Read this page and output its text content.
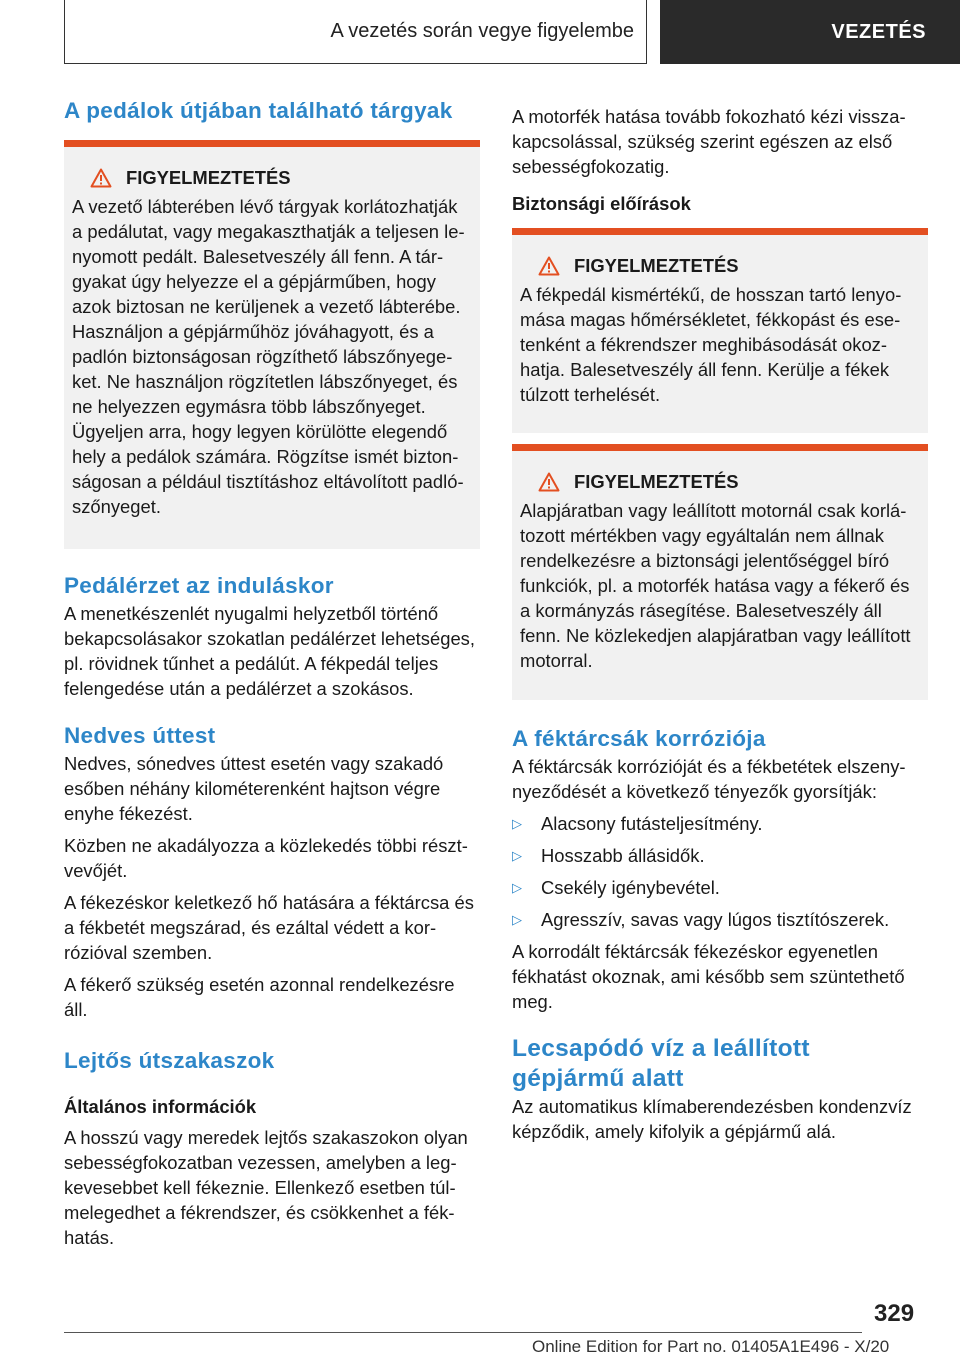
A vezetés során vegye figyelembe	VEZETÉS
A pedálok útjában található tárgyak
FIGYELMEZTETÉS

A vezető lábterében lévő tárgyak korlátozhatják a pedálutat, vagy megakaszthatják a teljesen lenyomott pedált. Balesetveszély áll fenn. A tárgyakat úgy helyezze el a gépjárműben, hogy azok biztosan ne kerüljenek a vezető lábterébe. Használjon a gépjárműhöz jóváhagyott, és a padlón biztonságosan rögzíthető lábszőnyegeket. Ne használjon rögzítetlen lábszőnyeget, és ne helyezzen egymásra több lábszőnyeget. Ügyeljen arra, hogy legyen körülötte elegendő hely a pedálok számára. Rögzítse ismét biztonságosan a például tisztításhoz eltávolított padlószőnyeget.

Pedálérzet az induláskor

A menetkészenlét nyugalmi helyzetből történő bekapcsolásakor szokatlan pedálérzet lehetséges, pl. rövidnek tűnhet a pedálút. A fékpedál teljes felengedése után a pedálérzet a szokásos.

Nedves úttest

Nedves, sónedves úttest esetén vagy szakadó esőben néhány kilométerenként hajtson végre enyhe fékezést.

Közben ne akadályozza a közlekedés többi résztvevőjét.

A fékezéskor keletkező hő hatására a féktárcsa és a fékbetét megszárad, és ezáltal védett a korrózióval szemben.

A fékerő szükség esetén azonnal rendelkezésre áll.

Lejtős útszakaszok
Általános információk

A hosszú vagy meredek lejtős szakaszokon olyan sebességfokozatban vezessen, amelyben a legkevesebbet kell fékeznie. Ellenkező esetben túlmelegedhet a fékrendszer, és csökkenhet a fékhatás.

A motorfék hatása tovább fokozható kézi visszakapcsolással, szükség szerint egészen az első sebességfokozatig.

Biztonsági előírások
FIGYELMEZTETÉS

A fékpedál kismértékű, de hosszan tartó lenyomása magas hőmérsékletet, fékkopást és esetenként a fékrendszer meghibásodását okozhatja. Balesetveszély áll fenn. Kerülje a fékek túlzott terhelését.

FIGYELMEZTETÉS

Alapjáratban vagy leállított motornál csak korlátozott mértékben vagy egyáltalán nem állnak rendelkezésre a biztonsági jelentőséggel bíró funkciók, pl. a motorfék hatása vagy a fékerő és a kormányzás rásegítése. Balesetveszély áll fenn. Ne közlekedjen alapjáratban vagy leállított motorral.

A féktárcsák korróziója

A féktárcsák korrózióját és a fékbetétek elszenynyeződését a következő tényezők gyorsítják:

▷	Alacsony futásteljesítmény.
▷	Hosszabb állásidők.
▷	Csekély igénybevétel.
▷	Agresszív, savas vagy lúgos tisztítószerek.

A korrodált féktárcsák fékezéskor egyenetlen fékhatást okoznak, ami később sem szüntethető meg.

Lecsapódó víz a leállított gépjármű alatt

Az automatikus klímaberendezésben kondenzvíz képződik, amely kifolyik a gépjármű alá.

329
Online Edition for Part no. 01405A1E496 - X/20
